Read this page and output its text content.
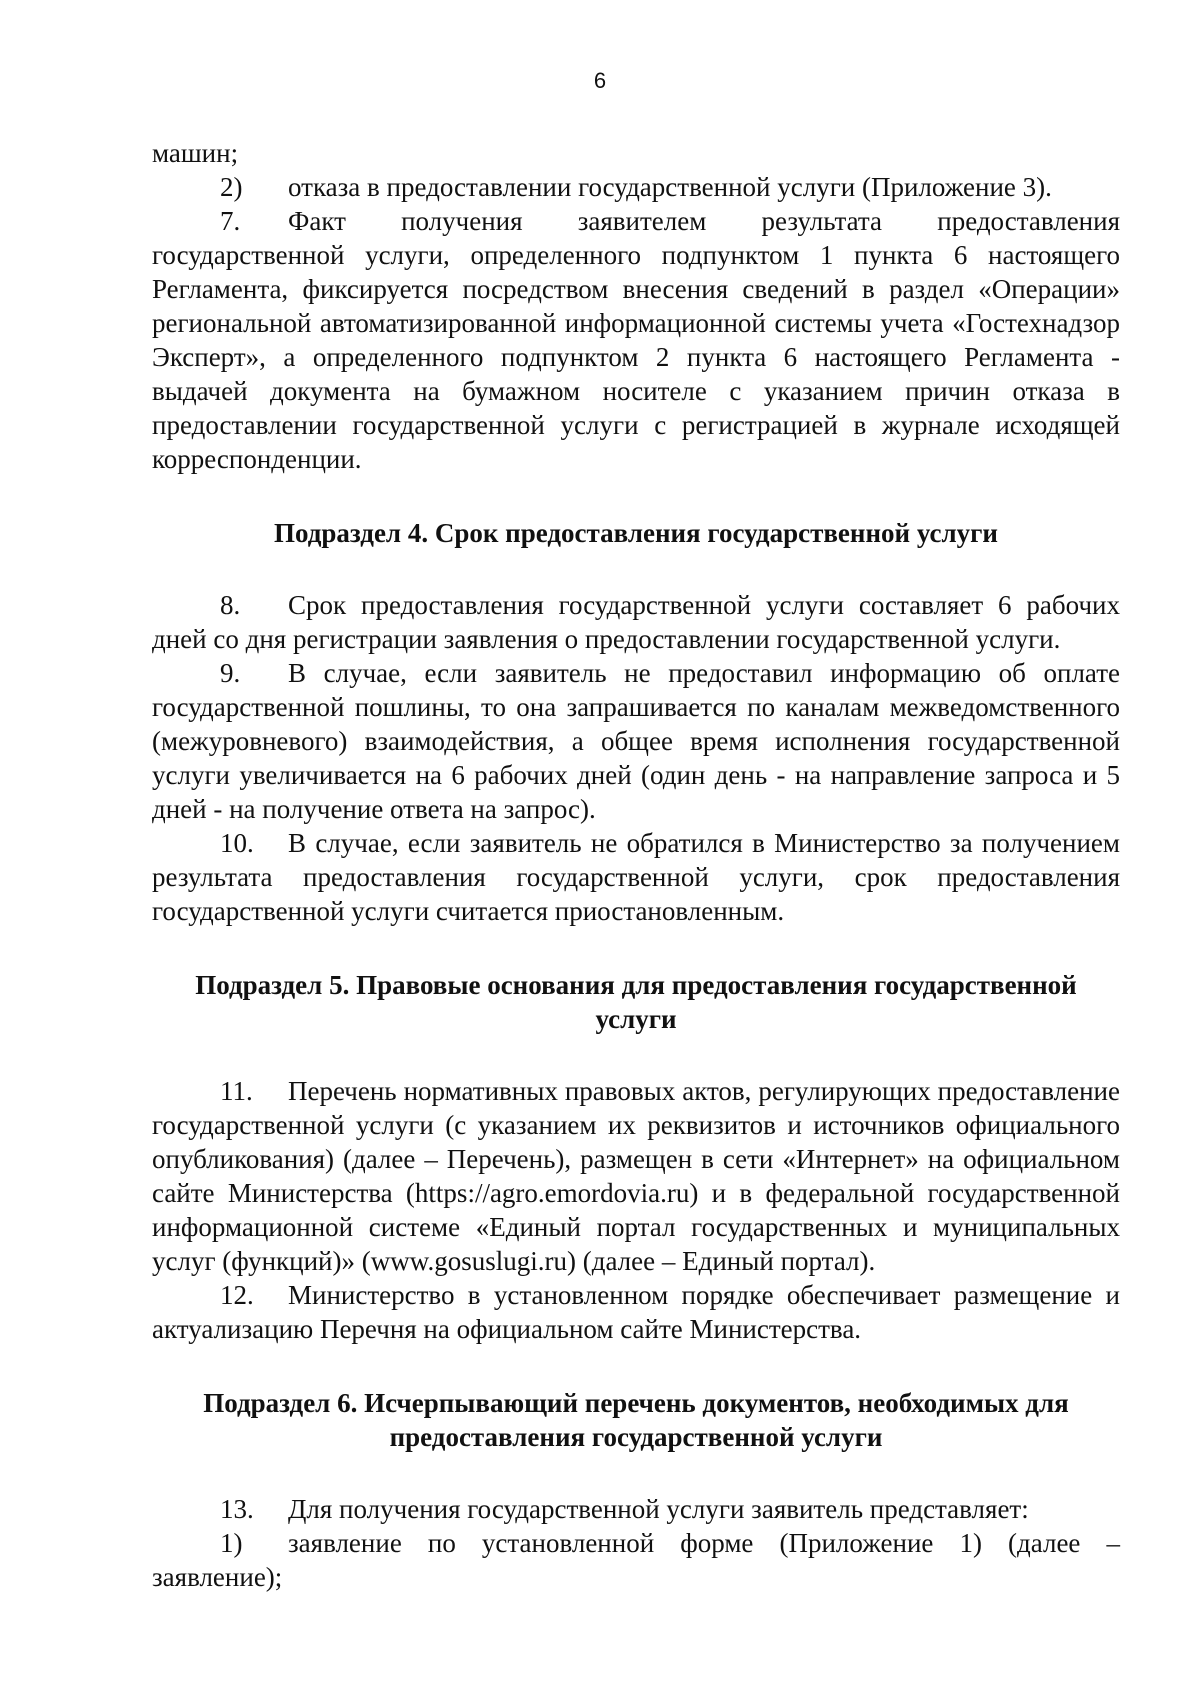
6

машин;

2) отказа в предоставлении государственной услуги (Приложение 3).

7. Факт получения заявителем результата предоставления государственной услуги, определенного подпунктом 1 пункта 6 настоящего Регламента, фиксируется посредством внесения сведений в раздел «Операции» региональной автоматизированной информационной системы учета «Гостехнадзор Эксперт», а определенного подпунктом 2 пункта 6 настоящего Регламента - выдачей документа на бумажном носителе с указанием причин отказа в предоставлении государственной услуги с регистрацией в журнале исходящей корреспонденции.

Подраздел 4. Срок предоставления государственной услуги

8. Срок предоставления государственной услуги составляет 6 рабочих дней со дня регистрации заявления о предоставлении государственной услуги.

9. В случае, если заявитель не предоставил информацию об оплате государственной пошлины, то она запрашивается по каналам межведомственного (межуровневого) взаимодействия, а общее время исполнения государственной услуги увеличивается на 6 рабочих дней (один день - на направление запроса и 5 дней - на получение ответа на запрос).

10. В случае, если заявитель не обратился в Министерство за получением результата предоставления государственной услуги, срок предоставления государственной услуги считается приостановленным.

Подраздел 5. Правовые основания для предоставления государственной услуги

11. Перечень нормативных правовых актов, регулирующих предоставление государственной услуги (с указанием их реквизитов и источников официального опубликования) (далее – Перечень), размещен в сети «Интернет» на официальном сайте Министерства (https://agro.emordovia.ru) и в федеральной государственной информационной системе «Единый портал государственных и муниципальных услуг (функций)» (www.gosuslugi.ru) (далее – Единый портал).

12. Министерство в установленном порядке обеспечивает размещение и актуализацию Перечня на официальном сайте Министерства.

Подраздел 6. Исчерпывающий перечень документов, необходимых для предоставления государственной услуги

13. Для получения государственной услуги заявитель представляет:

1) заявление по установленной форме (Приложение 1) (далее – заявление);
